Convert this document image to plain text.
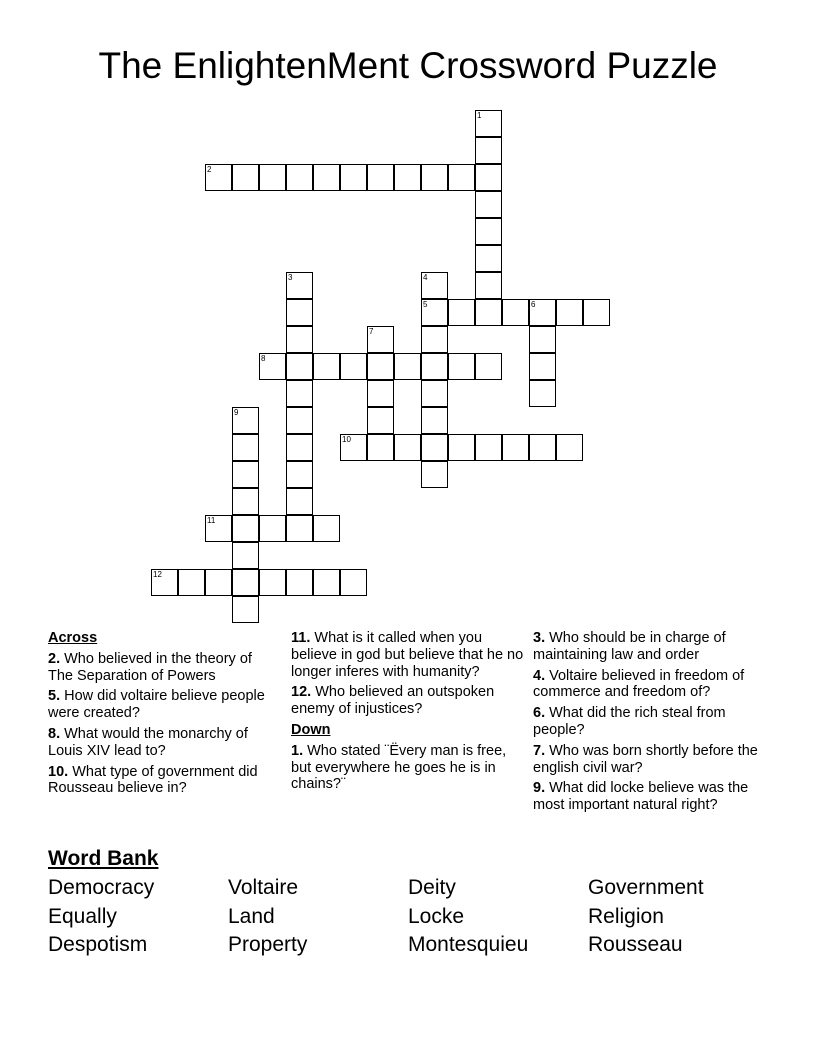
The EnlightenMent Crossword Puzzle
1
2
3	4
5	6
7
8
9
10
11
12
Across
2. Who believed in the theory of The Separation of Powers
5. How did voltaire believe people were created?
8. What would the monarchy of Louis XIV lead to?
10. What type of government did Rousseau believe in?
11. What is it called when you believe in god but believe that he no longer inferes with humanity?
12. Who believed an outspoken enemy of injustices?
Down
1. Who stated ¨Ëvery man is free, but everywhere he goes he is in chains?¨
3. Who should be in charge of maintaining law and order
4. Voltaire believed in freedom of commerce and freedom of?
6. What did the rich steal from people?
7. Who was born shortly before the english civil war?
9. What did locke believe was the most important natural right?
Word Bank
Democracy	Voltaire	Deity	Government
Equally	Land	Locke	Religion
Despotism	Property	Montesquieu	Rousseau
